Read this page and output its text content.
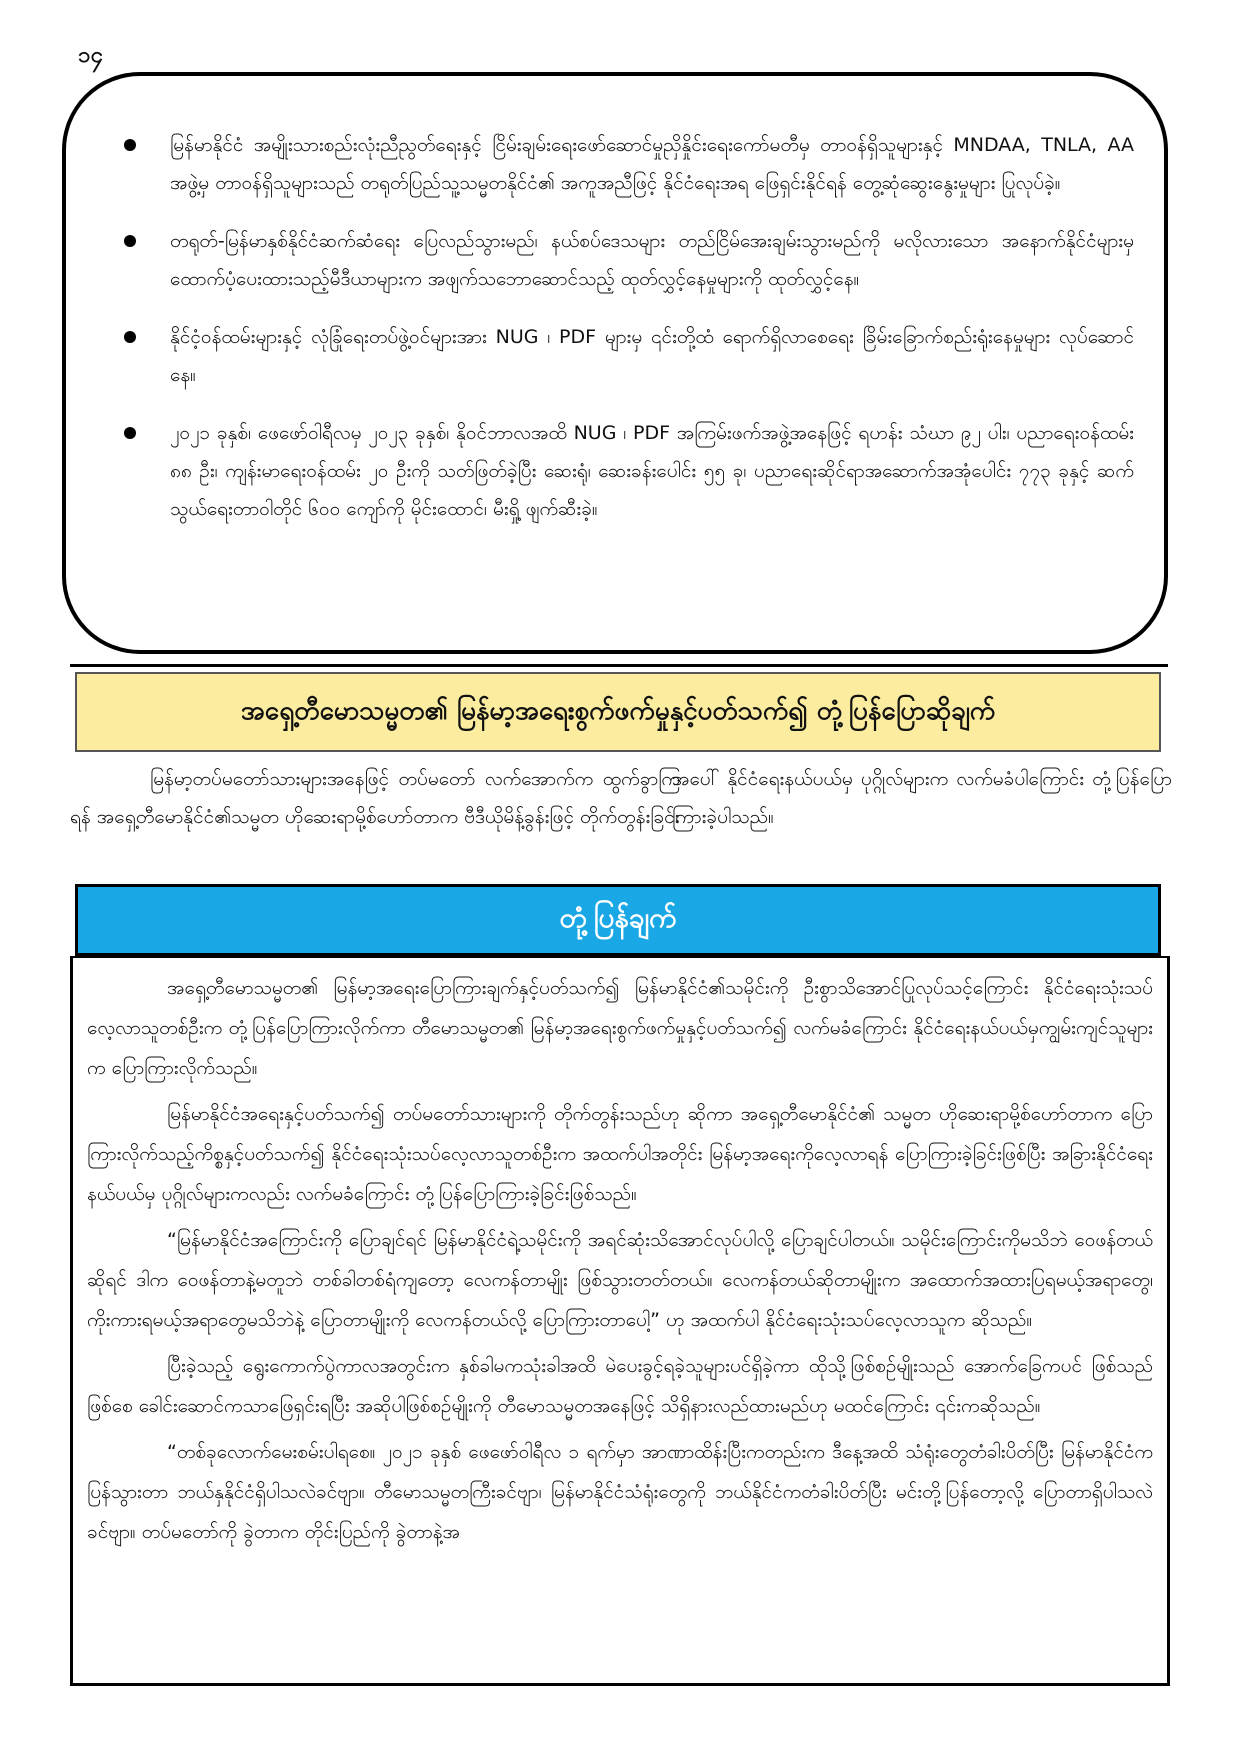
၁၄
မြန်မာနိုင်ငံ အမျိုးသားစည်းလုံးညီညွတ်ရေးနှင့် ငြိမ်းချမ်းရေးဖော်ဆောင်မှုညှိနှိုင်းရေးကော်မတီမှ တာဝန်ရှိသူများနှင့် MNDAA, TNLA, AA အဖွဲ့မှ တာဝန်ရှိသူများသည် တရုတ်ပြည်သူ့သမ္မတနိုင်ငံ၏ အကူအညီဖြင့် နိုင်ငံရေးအရ ဖြေရှင်းနိုင်ရန် တွေ့ဆုံဆွေးနွေးမှုများ ပြုလုပ်ခဲ့။
တရုတ်-မြန်မာနှစ်နိုင်ငံဆက်ဆံရေး ပြေလည်သွားမည်၊ နယ်စပ်ဒေသများ တည်ငြိမ်အေးချမ်းသွားမည်ကို မလိုလားသော အနောက်နိုင်ငံများမှ ထောက်ပံ့ပေးထားသည့်မီဒီယာများက အဖျက်သဘောဆောင်သည့် ထုတ်လွှင့်နေမှုများကို ထုတ်လွှင့်နေ။
နိုင်ငံ့ဝန်ထမ်းများနှင့် လုံခြုံရေးတပ်ဖွဲ့ဝင်များအား NUG ၊ PDF များမှ ၎င်းတို့ထံ ရောက်ရှိလာစေရေး ခြိမ်းခြောက်စည်းရုံးနေမှုများ လုပ်ဆောင်နေ။
၂၀၂၁ ခုနှစ်၊ ဖေဖော်ဝါရီလမှ ၂၀၂၃ ခုနှစ်၊ နိုဝင်ဘာလအထိ NUG ၊ PDF အကြမ်းဖက်အဖွဲ့အနေဖြင့် ရဟန်း သံဃာ ၉၂ ပါး၊ ပညာရေးဝန်ထမ်း ၈၈ ဦး၊ ကျန်းမာရေးဝန်ထမ်း ၂၀ ဦးကို သတ်ဖြတ်ခဲ့ပြီး ဆေးရုံ၊ ဆေးခန်းပေါင်း ၅၅ ခု၊ ပညာရေးဆိုင်ရာအဆောက်အအုံပေါင်း ၇၇၃ ခုနှင့် ဆက်သွယ်ရေးတာဝါတိုင် ၆၀၀ ကျော်ကို မိုင်းထောင်၊ မီးရှို့ ဖျက်ဆီးခဲ့။
အရှေ့တီမောသမ္မတ၏ မြန်မာ့အရေးစွက်ဖက်မှုနှင့်ပတ်သက်၍ တုံ့ပြန်ပြောဆိုချက်
မြန်မာ့တပ်မတော်သားများအနေဖြင့် တပ်မတော် လက်အောက်က ထွက်ခွာကြရန် အရှေ့တီမောနိုင်ငံ၏သမ္မတ ဟိုဆေးရာမို့စ်ဟော်တာက ဗီဒီယိုမိန့်ခွန်းဖြင့် တိုက်တွန်းခြင်း
အပေါ် နိုင်ငံရေးနယ်ပယ်မှ ပုဂ္ဂိုလ်များက လက်မခံပါကြောင်း တုံ့ပြန်ပြောကြားခဲ့ပါသည်။
တုံ့ပြန်ချက်

အရှေ့တီမောသမ္မတ၏ မြန်မာ့အရေးပြောကြားချက်နှင့်ပတ်သက်၍ မြန်မာနိုင်ငံ၏သမိုင်းကို ဦးစွာသိအောင်ပြုလုပ်သင့်ကြောင်း နိုင်ငံရေးသုံးသပ်လေ့လာသူတစ်ဦးက တုံ့ပြန်ပြောကြားလိုက်ကာ တီမောသမ္မတ၏ မြန်မာ့အရေးစွက်ဖက်မှုနှင့်ပတ်သက်၍ လက်မခံကြောင်း နိုင်ငံရေးနယ်ပယ်မှကျွမ်းကျင်သူများက ပြောကြားလိုက်သည်။

မြန်မာနိုင်ငံအရေးနှင့်ပတ်သက်၍ တပ်မတော်သားများကို တိုက်တွန်းသည်ဟု ဆိုကာ အရှေ့တီမောနိုင်ငံ၏ သမ္မတ ဟိုဆေးရာမို့စ်ဟော်တာက ပြောကြားလိုက်သည့်ကိစ္စနှင့်ပတ်သက်၍ နိုင်ငံရေးသုံးသပ်လေ့လာသူတစ်ဦးက အထက်ပါအတိုင်း မြန်မာ့အရေးကိုလေ့လာရန် ပြောကြားခဲ့ခြင်းဖြစ်ပြီး အခြားနိုင်ငံရေးနယ်ပယ်မှ ပုဂ္ဂိုလ်များကလည်း လက်မခံကြောင်း တုံ့ပြန်ပြောကြားခဲ့ခြင်းဖြစ်သည်။

“မြန်မာနိုင်ငံအကြောင်းကို ပြောချင်ရင် မြန်မာနိုင်ငံရဲ့သမိုင်းကို အရင်ဆုံးသိအောင်လုပ်ပါလို့ ပြောချင်ပါတယ်။ သမိုင်းကြောင်းကိုမသိဘဲ ဝေဖန်တယ်ဆိုရင် ဒါက ဝေဖန်တာနဲ့မတူဘဲ တစ်ခါတစ်ရံကျတော့ လေကန်တာမျိုး ဖြစ်သွားတတ်တယ်။ လေကန်တယ်ဆိုတာမျိုးက အထောက်အထားပြရမယ့်အရာတွေ၊ ကိုးကားရမယ့်အရာတွေမသိဘဲနဲ့ ပြောတာမျိုးကို လေကန်တယ်လို့ ပြောကြားတာပေါ့” ဟု အထက်ပါ နိုင်ငံရေးသုံးသပ်လေ့လာသူက ဆိုသည်။

ပြီးခဲ့သည့် ရွေးကောက်ပွဲကာလအတွင်းက နှစ်ခါမကသုံးခါအထိ မဲပေးခွင့်ရခဲ့သူများပင်ရှိခဲ့ကာ ထိုသို့ဖြစ်စဉ်မျိုးသည် အောက်ခြေကပင် ဖြစ်သည်ဖြစ်စေ ခေါင်းဆောင်ကသာဖြေရှင်းရပြီး အဆိုပါဖြစ်စဉ်မျိုးကို တီမောသမ္မတအနေဖြင့် သိရှိနားလည်ထားမည်ဟု မထင်ကြောင်း ၎င်းကဆိုသည်။

“တစ်ခုလောက်မေးစမ်းပါရစေ။ ၂၀၂၁ ခုနှစ် ဖေဖော်ဝါရီလ ၁ ရက်မှာ အာဏာထိန်းပြီးကတည်းက ဒီနေ့အထိ သံရုံးတွေတံခါးပိတ်ပြီး မြန်မာနိုင်ငံကပြန်သွားတာ ဘယ်နှနိုင်ငံရှိပါသလဲခင်ဗျာ။ တီမောသမ္မတကြီးခင်ဗျာ၊ မြန်မာနိုင်ငံသံရုံးတွေကို ဘယ်နိုင်ငံကတံခါးပိတ်ပြီး မင်းတို့ပြန်တော့လို့ ပြောတာရှိပါသလဲခင်ဗျာ။ တပ်မတော်ကို ခွဲတာက တိုင်းပြည်ကို ခွဲတာနဲ့အ
